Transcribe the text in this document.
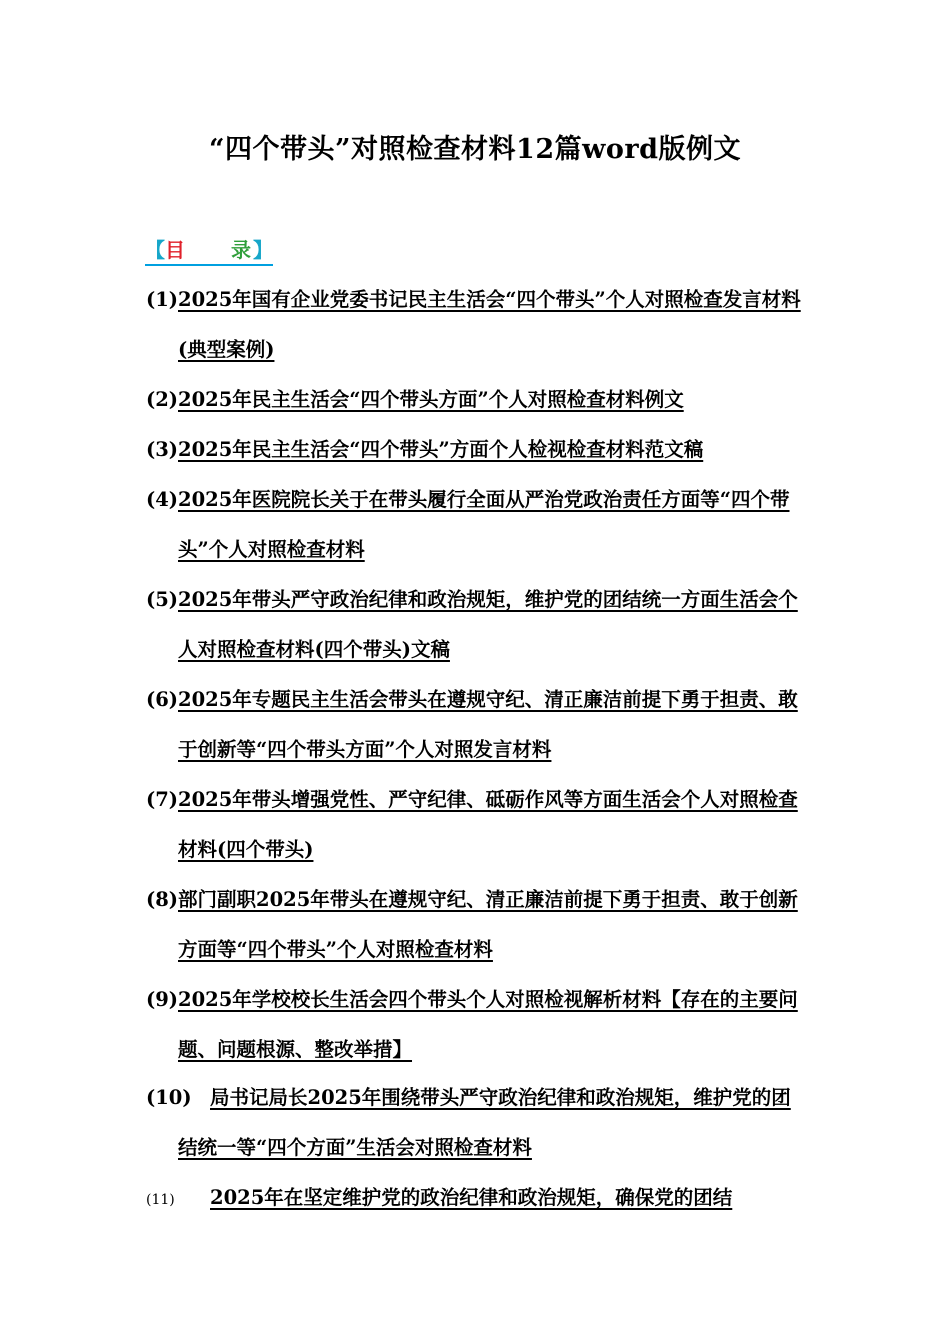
“四个带头”对照检查材料12篇word版例文
【目 录 】
(1) 2025年国有企业党委书记民主生活会“四个带头”个人对照检查发言材料(典型案例)
(2) 2025年民主生活会“四个带头方面”个人对照检查材料例文
(3) 2025年民主生活会“四个带头”方面个人检视检查材料范文稿
(4) 2025年医院院长关于在带头履行全面从严治党政治责任方面等“四个带头”个人对照检查材料
(5) 2025年带头严守政治纪律和政治规矩，维护党的团结统一方面生活会个人对照检查材料(四个带头)文稿
(6) 2025年专题民主生活会带头在遵规守纪、清正廉洁前提下勇于担责、敢于创新等“四个带头方面”个人对照发言材料
(7) 2025年带头增强党性、严守纪律、砥砺作风等方面生活会个人对照检查材料(四个带头)
(8) 部门副职2025年带头在遵规守纪、清正廉洁前提下勇于担责、敢于创新方面等“四个带头”个人对照检查材料
(9) 2025年学校校长生活会四个带头个人对照检视解析材料【存在的主要问题、问题根源、整改举措】
(10) 局书记局长2025年围绕带头严守政治纪律和政治规矩，维护党的团结统一等“四个方面”生活会对照检查材料
(11)	2025年在坚定维护党的政治纪律和政治规矩，确保党的团结
